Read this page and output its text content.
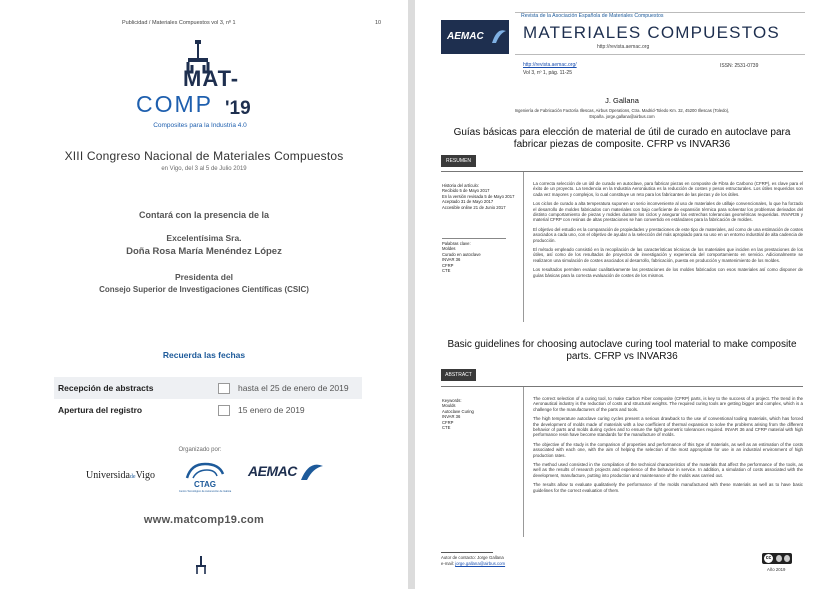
Publicidad / Materiales Compuestos vol 3, nº 1	10
MAT-
COMP '19
Composites para la Industria 4.0
XIII Congreso Nacional de Materiales Compuestos
en Vigo, del 3 al 5 de Julio 2019
Contará con la presencia de la
Excelentísima Sra.
Doña Rosa María Menéndez López
Presidenta del
Consejo Superior de Investigaciones Científicas (CSIC)
Recuerda las fechas
Recepción de abstracts	hasta el 25 de enero de 2019
Apertura del registro	15 enero de 2019
Organizado por:
UniversidadeVigo
CTAG
Centro Tecnológico de Automoción de Galicia
AEMAC
www.matcomp19.com
AEMAC
Revista de la Asociación Española de Materiales Compuestos
MATERIALES COMPUESTOS
http://revista.aemac.org
http://revista.aemac.org/
Vol 3, nº 1, pág. 11-25
ISSN: 2531-0739
J. Gallana
Ingeniería de Fabricación Factoría Illescas, Airbus Operations, Ctra. Madrid-Toledo Km. 32, 45200 Illescas (Toledo),
España. jorge.gallana@airbus.com
Guías básicas para elección de material de útil de curado en autoclave para fabricar piezas de composite. CFRP vs INVAR36
RESUMEN
Historia del artículo:
Recibido 5 de Mayo 2017
En la versión revisada 5 de Mayo 2017
Aceptado 31 de Mayo 2017
Accesible online 21 de Junio 2017
Palabras clave:
Moldes
Curado en autoclave
INVAR 36
CFRP
CTE

La correcta selección de un útil de curado en autoclave, para fabricar piezas en composite de Fibra de Carbono (CFRP), es clave para el éxito de un proyecto. La tendencia en la Industria Aeronáutica es la reducción de costes y pesos estructurales. Los útiles requeridos son cada vez mayores y complejos, lo cual constituye un reto para los fabricantes de las piezas y de los útiles.

Los ciclos de curado a alta temperatura suponen un serio inconveniente al uso de materiales de utillaje convencionales, lo que ha forzado el desarrollo de moldes fabricados con materiales con bajo coeficiente de expansión térmica para solventar los problemas derivados del distinto comportamiento de piezas y moldes durante los ciclos y asegurar las estrechas tolerancias geométricas requeridas. INVAR36 y material CFRP con resinas de altas prestaciones se han convertido en estándares para la fabricación de moldes.

El objetivo del estudio es la comparación de propiedades y prestaciones de este tipo de materiales, así como de una estimación de costes asociados a cada uno, con el objetivo de ayudar a la selección del más apropiado para su uso en un entorno industrial de alta cadencia de producción.

El método empleado consistió en la recopilación de las características técnicas de los materiales que inciden en las prestaciones de los útiles, así como de los resultados de proyectos de investigación y experiencia del comportamiento en servicio. Adicionalmente se realizaron una simulación de costes asociados al desarrollo, fabricación, puesta en producción y mantenimiento de los moldes.

Los resultados permiten evaluar cualitativamente las prestaciones de los moldes fabricados con esos materiales así como disponer de guías básicas para la correcta evaluación de costes de los mismos.

Basic guidelines for choosing autoclave curing tool material to make composite parts. CFRP vs INVAR36
ABSTRACT
Keywords:
Moulds
Autoclave Curing
INVAR 36
CFRP
CTE

The correct selection of a curing tool, to make Carbon Fiber composite (CFRP) parts, is key to the success of a project. The trend in the Aeronautical industry is the reduction of costs and structural weights. The required curing tools are getting bigger and complex, which is a challenge for the manufacturers of the parts and tools.

The high temperature autoclave curing cycles present a serious drawback to the use of conventional tooling materials, which has forced the development of molds made of materials with a low coefficient of thermal expansion to solve the problems arising from the different behavior of parts and molds during cycles and to ensure the tight geometric tolerances required. INVAR 36 and CFRP material with high performance resin have become standards for the manufacture of molds.

The objective of the study is the comparison of properties and performance of this type of materials, as well as an estimation of the costs associated with each one, with the aim of helping the selection of the most appropriate for use in an industrial environment of high production rates.

The method used consisted in the compilation of the technical characteristics of the materials that affect the performance of the tools, as well as the results of research projects and experience of the behavior in service. In addition, a simulation of costs associated with the development, manufacture, putting into production and maintenance of the molds was carried out.

The results allow to evaluate qualitatively the performance of the molds manufactured with these materials as well as to have basic guidelines for the correct evaluation of them.

Autor de contacto: Jorge Gallana
e-mail: jorge.gallana@airbus.com
cc
Año 2019
